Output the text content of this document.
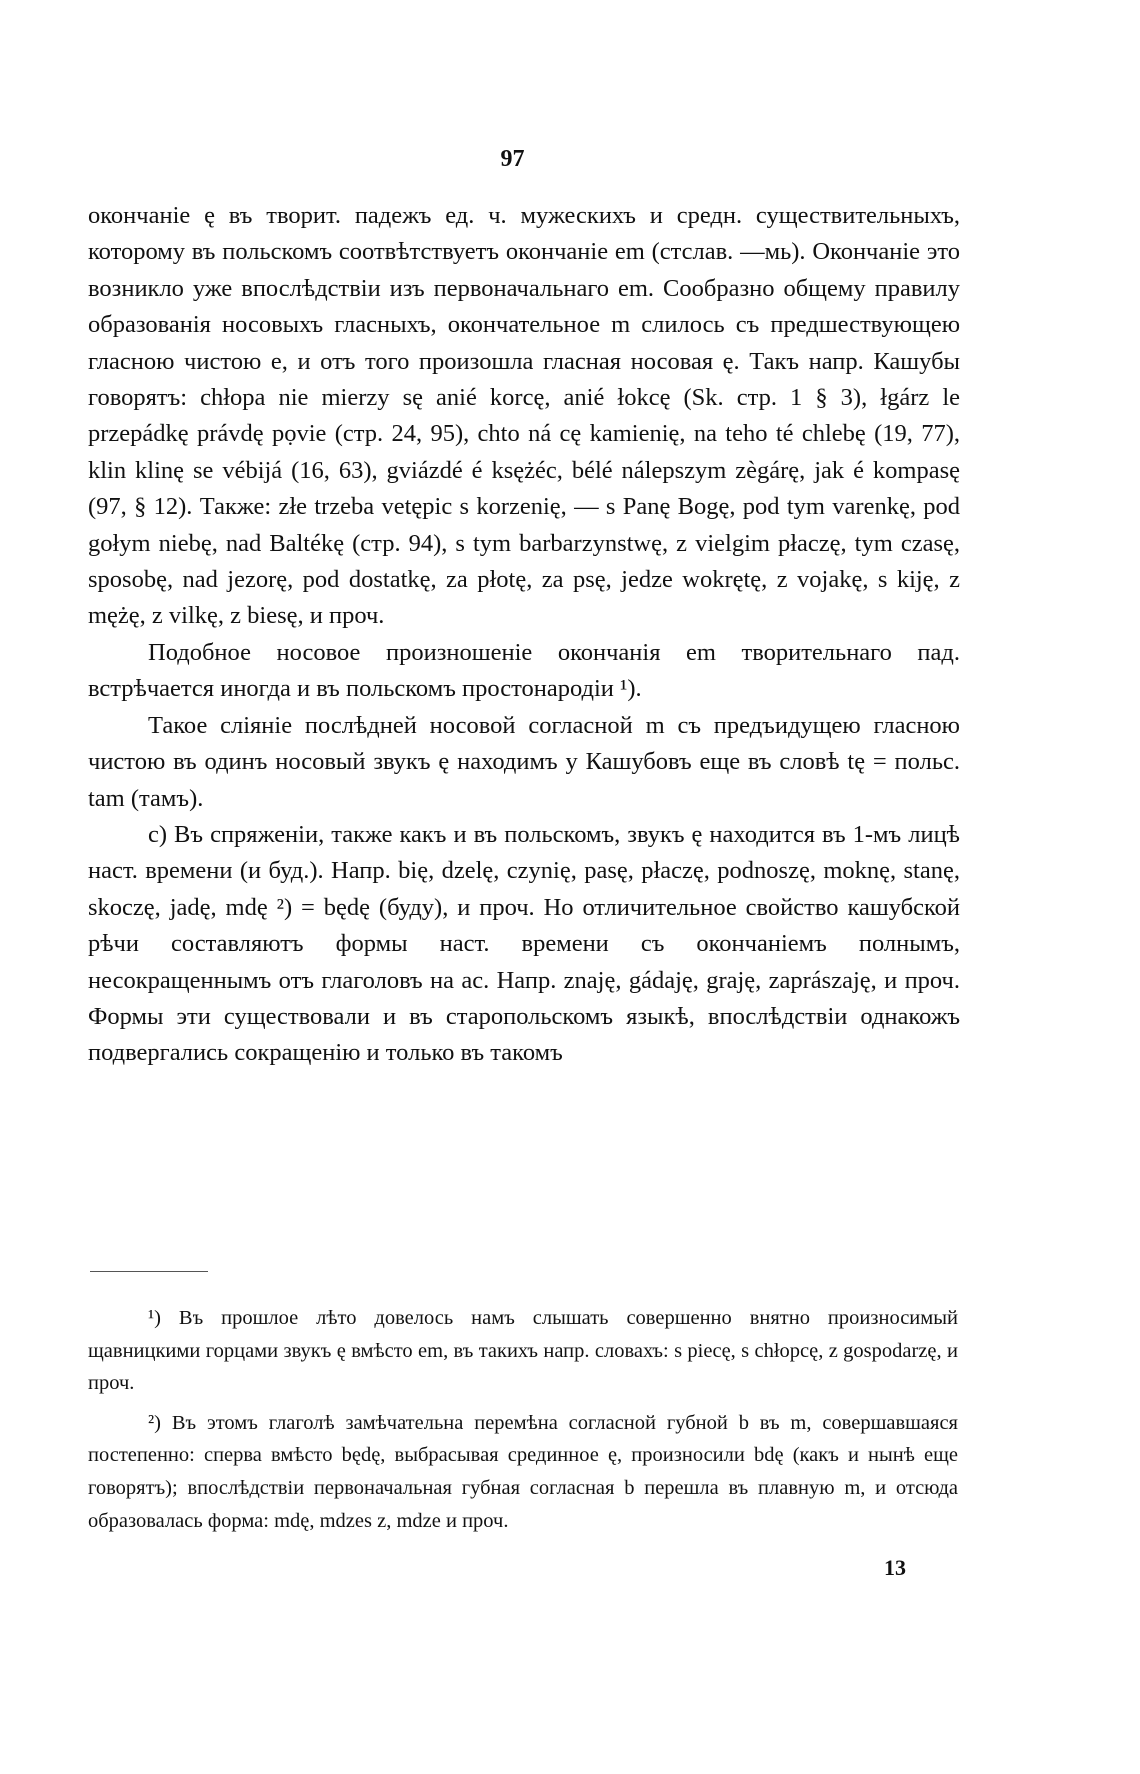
97

окончаніе ę въ творит. падежъ ед. ч. мужескихъ и средн. существительныхъ, которому въ польскомъ соотвѣтствуетъ окончаніе em (стслав. —мь). Окончаніе это возникло уже впослѣдствіи изъ первоначальнаго em. Сообразно общему правилу образованія носовыхъ гласныхъ, окончательное m слилось съ предшествующею гласною чистою e, и отъ того произошла гласная носовая ę. Такъ напр. Кашубы говорятъ: chłopa nie mierzy sę anié korcę, anié łokcę (Sk. стр. 1 § 3), łgárz le przepádkę právdę pọvie (стр. 24, 95), chto ná cę kamienię, na teho té chlebę (19, 77), klin klinę se vébijá (16, 63), gviázdé é ksężéc, bélé nálepszym zègárę, jak é kompasę (97, § 12). Также: złe trzeba vetępic s korzenię, — s Panę Bogę, pod tym varenkę, pod gołym niebę, nad Baltékę (стр. 94), s tym barbarzynstwę, z vielgim płaczę, tym czasę, sposobę, nad jezorę, pod dostatkę, za płotę, za psę, jedze wokrętę, z vojakę, s kiję, z mężę, z vilkę, z biesę, и проч.

Подобное носовое произношеніе окончанія em творительнаго пад. встрѣчается иногда и въ польскомъ простонародіи ¹).

Такое сліяніе послѣдней носовой согласной m съ предъидущею гласною чистою въ одинъ носовый звукъ ę находимъ у Кашубовъ еще въ словѣ tę = польс. tam (тамъ).

c) Въ спряженіи, также какъ и въ польскомъ, звукъ ę находится въ 1-мъ лицѣ наст. времени (и буд.). Напр. bię, dzelę, czynię, pasę, płaczę, podnoszę, moknę, stanę, skoczę, jadę, mdę ²) = będę (буду), и проч. Но отличительное свойство кашубской рѣчи составляютъ формы наст. времени съ окончаніемъ полнымъ, несокращеннымъ отъ глаголовъ на ac. Напр. znaję, gádaję, graję, zaprászaję, и проч. Формы эти существовали и въ старопольскомъ языкѣ, впослѣдствіи однакожъ подвергались сокращенію и только въ такомъ

¹) Въ прошлое лѣто довелось намъ слышать совершенно внятно произносимый щавницкими горцами звукъ ę вмѣсто em, въ такихъ напр. словахъ: s piecę, s chłopcę, z gospodarzę, и проч.

²) Въ этомъ глаголѣ замѣчательна перемѣна согласной губной b въ m, совершавшаяся постепенно: сперва вмѣсто będę, выбрасывая срединное ę, произносили bdę (какъ и нынѣ еще говорятъ); впослѣдствіи первоначальная губная согласная b перешла въ плавную m, и отсюда образовалась форма: mdę, mdzes z, mdze и проч.

13
